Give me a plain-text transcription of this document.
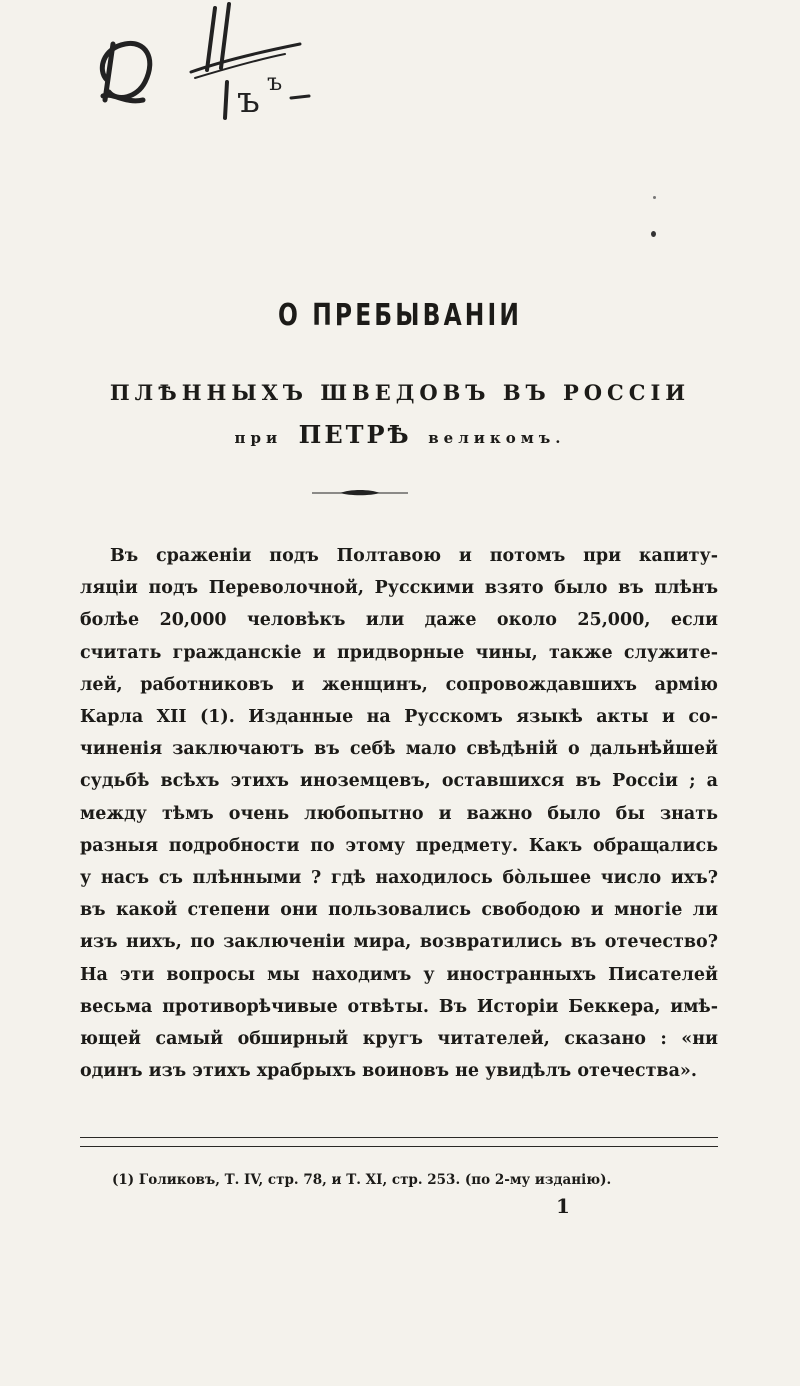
ъ ъ
О ПРЕБЫВАНІИ
ПЛѢННЫХЪ ШВЕДОВЪ ВЪ РОССІИ
при ПЕТРѢ великомъ.
Въ сраженіи подъ Полтавою и потомъ при капиту-
ляціи подъ Переволочной, Русскими взято было въ плѣнъ
болѣе 20,000 человѣкъ или даже около 25,000, если
считать гражданскіе и придворные чины, также служите-
лей, работниковъ и женщинъ, сопровождавшихъ армію
Карла XII (1). Изданные на Русскомъ языкѣ акты и со-
чиненія заключаютъ въ себѣ мало свѣдѣній о дальнѣйшей
судьбѣ всѣхъ этихъ иноземцевъ, оставшихся въ Россіи ; а
между тѣмъ очень любопытно и важно было бы знать
разныя подробности по этому предмету. Какъ обращались
у насъ съ плѣнными ? гдѣ находилось бо̀льшее число ихъ?
въ какой степени они пользовались свободою и многіе ли
изъ нихъ, по заключеніи мира, возвратились въ отечество?
На эти вопросы мы находимъ у иностранныхъ Писателей
весьма противорѣчивые отвѣты. Въ Исторіи Беккера, имѣ-
ющей самый обширный кругъ читателей, сказано : «ни
одинъ изъ этихъ храбрыхъ воиновъ не увидѣлъ отечества».
(1) Голиковъ, Т. IV, стр. 78, и Т. XI, стр. 253. (по 2-му изданію).
1
